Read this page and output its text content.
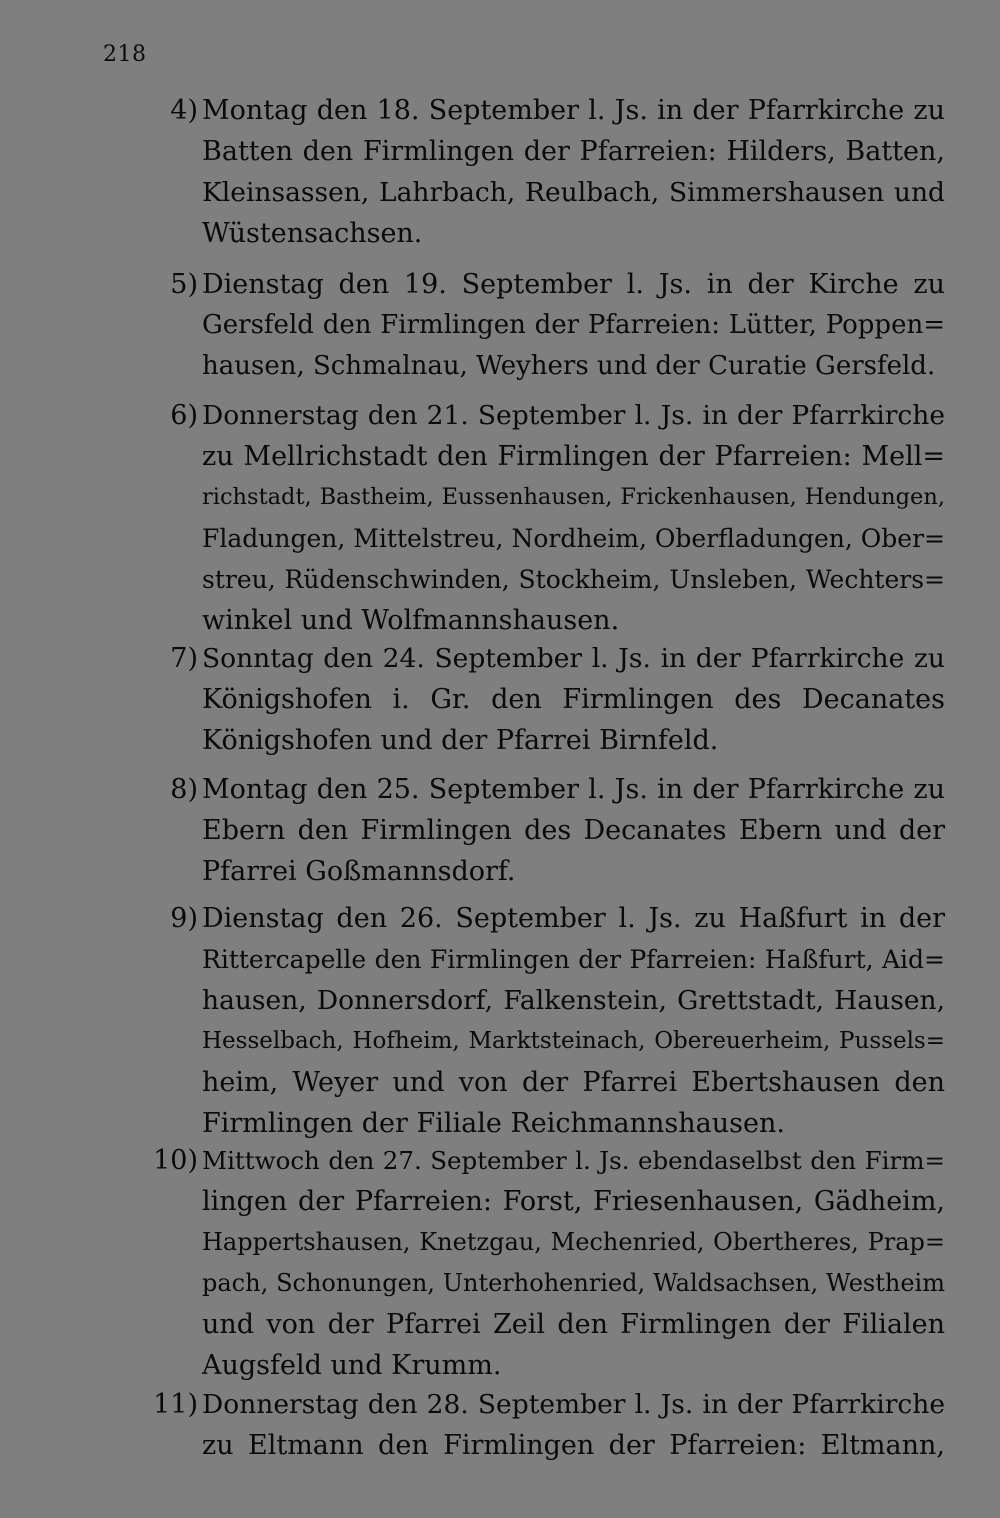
218
4) Montag den 18. September l. Js. in der Pfarrkirche zu
Batten den Firmlingen der Pfarreien: Hilders, Batten,
Kleinsassen, Lahrbach, Reulbach, Simmershausen und
Wüstensachsen.
5) Dienstag den 19. September l. Js. in der Kirche zu
Gersfeld den Firmlingen der Pfarreien: Lütter, Poppen=
hausen, Schmalnau, Weyhers und der Curatie Gersfeld.
6) Donnerstag den 21. September l. Js. in der Pfarrkirche
zu Mellrichstadt den Firmlingen der Pfarreien: Mell=
richstadt, Bastheim, Eussenhausen, Frickenhausen, Hendungen,
Fladungen, Mittelstreu, Nordheim, Oberfladungen, Ober=
streu, Rüdenschwinden, Stockheim, Unsleben, Wechters=
winkel und Wolfmannshausen.
7) Sonntag den 24. September l. Js. in der Pfarrkirche zu
Königshofen i. Gr. den Firmlingen des Decanates
Königshofen und der Pfarrei Birnfeld.
8) Montag den 25. September l. Js. in der Pfarrkirche zu
Ebern den Firmlingen des Decanates Ebern und der
Pfarrei Goßmannsdorf.
9) Dienstag den 26. September l. Js. zu Haßfurt in der
Rittercapelle den Firmlingen der Pfarreien: Haßfurt, Aid=
hausen, Donnersdorf, Falkenstein, Grettstadt, Hausen,
Hesselbach, Hofheim, Marktsteinach, Obereuerheim, Pussels=
heim, Weyer und von der Pfarrei Ebertshausen den
Firmlingen der Filiale Reichmannshausen.
10) Mittwoch den 27. September l. Js. ebendaselbst den Firm=
lingen der Pfarreien: Forst, Friesenhausen, Gädheim,
Happertshausen, Knetzgau, Mechenried, Obertheres, Prap=
pach, Schonungen, Unterhohenried, Waldsachsen, Westheim
und von der Pfarrei Zeil den Firmlingen der Filialen
Augsfeld und Krumm.
11) Donnerstag den 28. September l. Js. in der Pfarrkirche
zu Eltmann den Firmlingen der Pfarreien: Eltmann,
